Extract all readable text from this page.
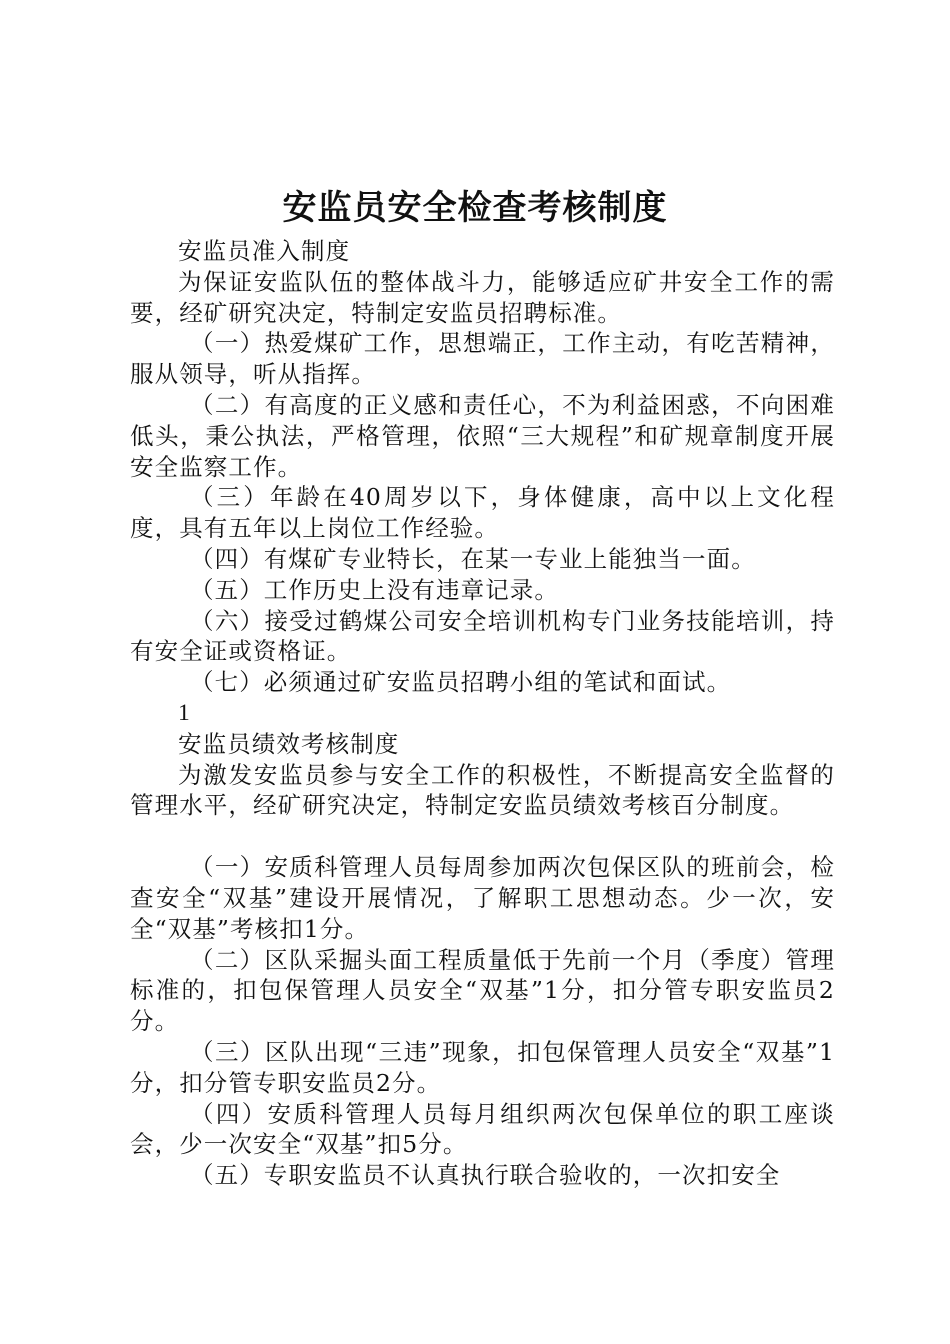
安监员安全检查考核制度

安监员准入制度

为保证安监队伍的整体战斗力，能够适应矿井安全工作的需要，经矿研究决定，特制定安监员招聘标准。

（一）热爱煤矿工作，思想端正，工作主动，有吃苦精神，服从领导，听从指挥。

（二）有高度的正义感和责任心，不为利益困惑，不向困难低头，秉公执法，严格管理，依照“三大规程”和矿规章制度开展安全监察工作。

（三）年龄在40周岁以下，身体健康，高中以上文化程度，具有五年以上岗位工作经验。

（四）有煤矿专业特长，在某一专业上能独当一面。

（五）工作历史上没有违章记录。

（六）接受过鹤煤公司安全培训机构专门业务技能培训，持有安全证或资格证。

（七）必须通过矿安监员招聘小组的笔试和面试。

1

安监员绩效考核制度

为激发安监员参与安全工作的积极性，不断提高安全监督的管理水平，经矿研究决定，特制定安监员绩效考核百分制度。

（一）安质科管理人员每周参加两次包保区队的班前会，检查安全“双基”建设开展情况，了解职工思想动态。少一次，安全“双基”考核扣1分。

（二）区队采掘头面工程质量低于先前一个月（季度）管理标准的，扣包保管理人员安全“双基”1分，扣分管专职安监员2分。

（三）区队出现“三违”现象，扣包保管理人员安全“双基”1分，扣分管专职安监员2分。

（四）安质科管理人员每月组织两次包保单位的职工座谈会，少一次安全“双基”扣5分。

（五）专职安监员不认真执行联合验收的，一次扣安全
